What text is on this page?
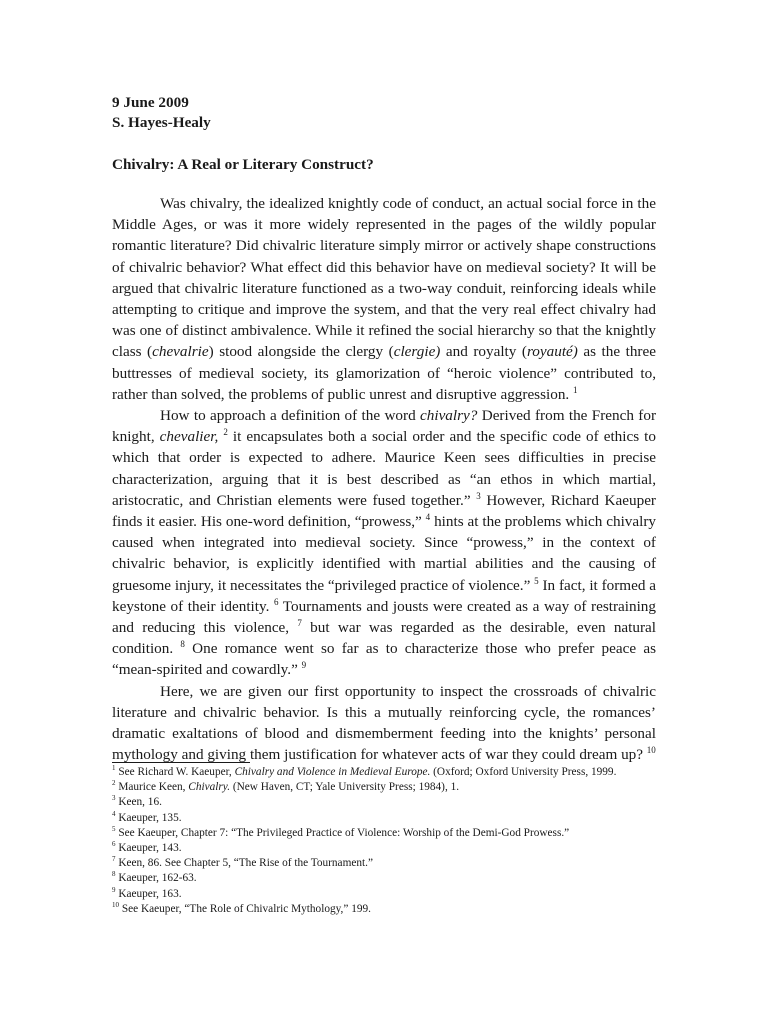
9 June 2009
S. Hayes-Healy
Chivalry: A Real or Literary Construct?

Was chivalry, the idealized knightly code of conduct, an actual social force in the Middle Ages, or was it more widely represented in the pages of the wildly popular romantic literature? Did chivalric literature simply mirror or actively shape constructions of chivalric behavior? What effect did this behavior have on medieval society? It will be argued that chivalric literature functioned as a two-way conduit, reinforcing ideals while attempting to critique and improve the system, and that the very real effect chivalry had was one of distinct ambivalence. While it refined the social hierarchy so that the knightly class (chevalrie) stood alongside the clergy (clergie) and royalty (royauté) as the three buttresses of medieval society, its glamorization of “heroic violence” contributed to, rather than solved, the problems of public unrest and disruptive aggression. $^1$

How to approach a definition of the word chivalry? Derived from the French for knight, chevalier, $^2$ it encapsulates both a social order and the specific code of ethics to which that order is expected to adhere. Maurice Keen sees difficulties in precise characterization, arguing that it is best described as “an ethos in which martial, aristocratic, and Christian elements were fused together.” $^3$ However, Richard Kaeuper finds it easier. His one-word definition, “prowess,” $^4$ hints at the problems which chivalry caused when integrated into medieval society. Since “prowess,” in the context of chivalric behavior, is explicitly identified with martial abilities and the causing of gruesome injury, it necessitates the “privileged practice of violence.” $^5$ In fact, it formed a keystone of their identity. $^6$ Tournaments and jousts were created as a way of restraining and reducing this violence, $^7$ but war was regarded as the desirable, even natural condition. $^8$ One romance went so far as to characterize those who prefer peace as “mean-spirited and cowardly.” $^9$

Here, we are given our first opportunity to inspect the crossroads of chivalric literature and chivalric behavior. Is this a mutually reinforcing cycle, the romances’ dramatic exaltations of blood and dismemberment feeding into the knights’ personal mythology and giving them justification for whatever acts of war they could dream up? $^{10}$

$^1$ See Richard W. Kaeuper, Chivalry and Violence in Medieval Europe. (Oxford; Oxford University Press, 1999.
$^2$ Maurice Keen, Chivalry. (New Haven, CT; Yale University Press; 1984), 1.
$^3$ Keen, 16.
$^4$ Kaeuper, 135.
$^5$ See Kaeuper, Chapter 7: “The Privileged Practice of Violence: Worship of the Demi-God Prowess.”
$^6$ Kaeuper, 143.
$^7$ Keen, 86. See Chapter 5, “The Rise of the Tournament.”
$^8$ Kaeuper, 162-63.
$^9$ Kaeuper, 163.
$^{10}$ See Kaeuper, “The Role of Chivalric Mythology,” 199.
